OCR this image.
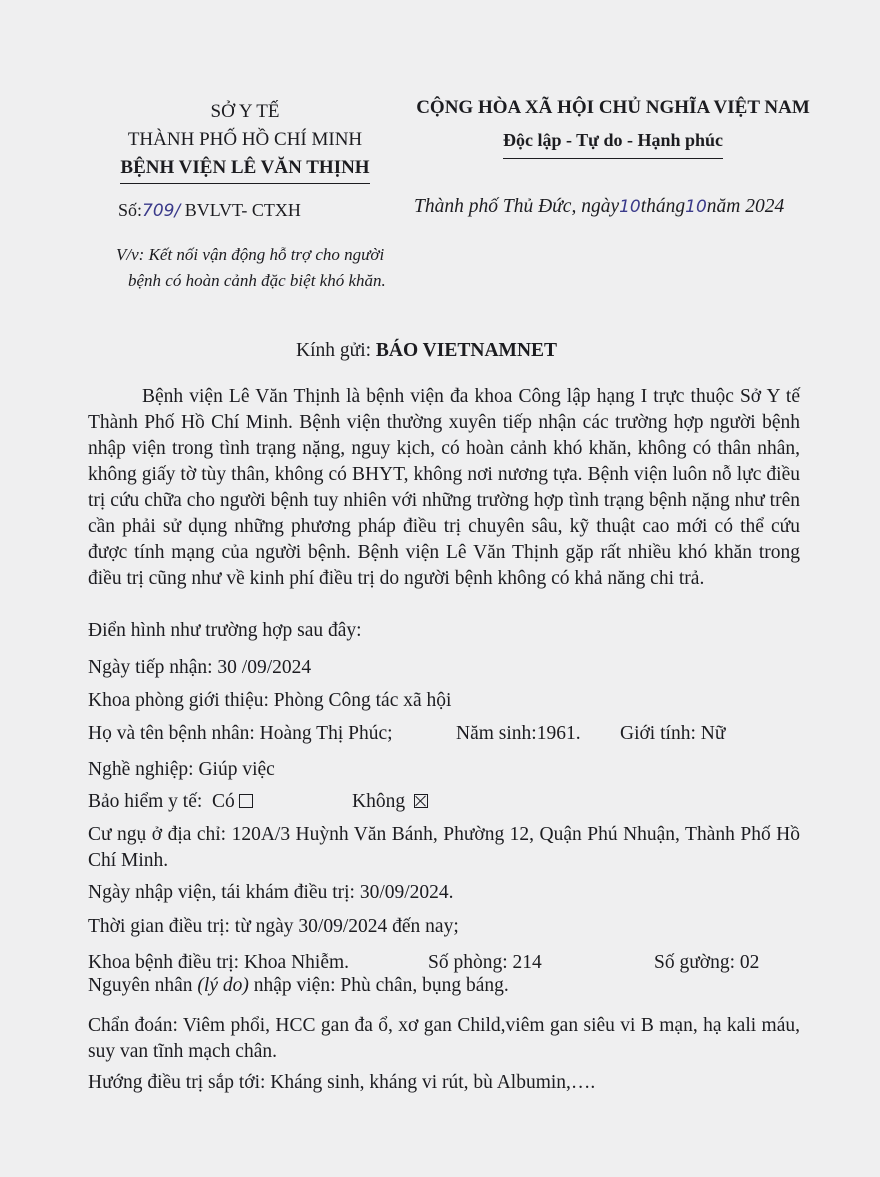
SỞ Y TẾ
THÀNH PHỐ HỒ CHÍ MINH
BỆNH VIỆN LÊ VĂN THỊNH
CỘNG HÒA XÃ HỘI CHỦ NGHĨA VIỆT NAM
Độc lập - Tự do - Hạnh phúc
Số:709/ BVLVT- CTXH	Thành phố Thủ Đức, ngày10tháng10năm 2024
V/v: Kết nối vận động hỗ trợ cho người
bệnh có hoàn cảnh đặc biệt khó khăn.
Kính gửi: BÁO VIETNAMNET
Bệnh viện Lê Văn Thịnh là bệnh viện đa khoa Công lập hạng I trực thuộc Sở Y tế Thành Phố Hồ Chí Minh. Bệnh viện thường xuyên tiếp nhận các trường hợp người bệnh nhập viện trong tình trạng nặng, nguy kịch, có hoàn cảnh khó khăn, không có thân nhân, không giấy tờ tùy thân, không có BHYT, không nơi nương tựa. Bệnh viện luôn nỗ lực điều trị cứu chữa cho người bệnh tuy nhiên với những trường hợp tình trạng bệnh nặng như trên cần phải sử dụng những phương pháp điều trị chuyên sâu, kỹ thuật cao mới có thể cứu được tính mạng của người bệnh. Bệnh viện Lê Văn Thịnh gặp rất nhiều khó khăn trong điều trị cũng như về kinh phí điều trị do người bệnh không có khả năng chi trả.
Điển hình như trường hợp sau đây:
Ngày tiếp nhận: 30 /09/2024
Khoa phòng giới thiệu: Phòng Công tác xã hội
Họ và tên bệnh nhân: Hoàng Thị Phúc;	Năm sinh:1961. Giới tính: Nữ
Nghề nghiệp: Giúp việc
Bảo hiểm y tế: Có	Không
Cư ngụ ở địa chỉ: 120A/3 Huỳnh Văn Bánh, Phường 12, Quận Phú Nhuận, Thành Phố Hồ Chí Minh.
Ngày nhập viện, tái khám điều trị: 30/09/2024.
Thời gian điều trị: từ ngày 30/09/2024 đến nay;
Khoa bệnh điều trị: Khoa Nhiễm.	Số phòng: 214	Số gường: 02
Nguyên nhân (lý do) nhập viện: Phù chân, bụng báng.
Chẩn đoán: Viêm phổi, HCC gan đa ổ, xơ gan Child,viêm gan siêu vi B mạn, hạ kali máu, suy van tĩnh mạch chân.
Hướng điều trị sắp tới: Kháng sinh, kháng vi rút, bù Albumin,….
